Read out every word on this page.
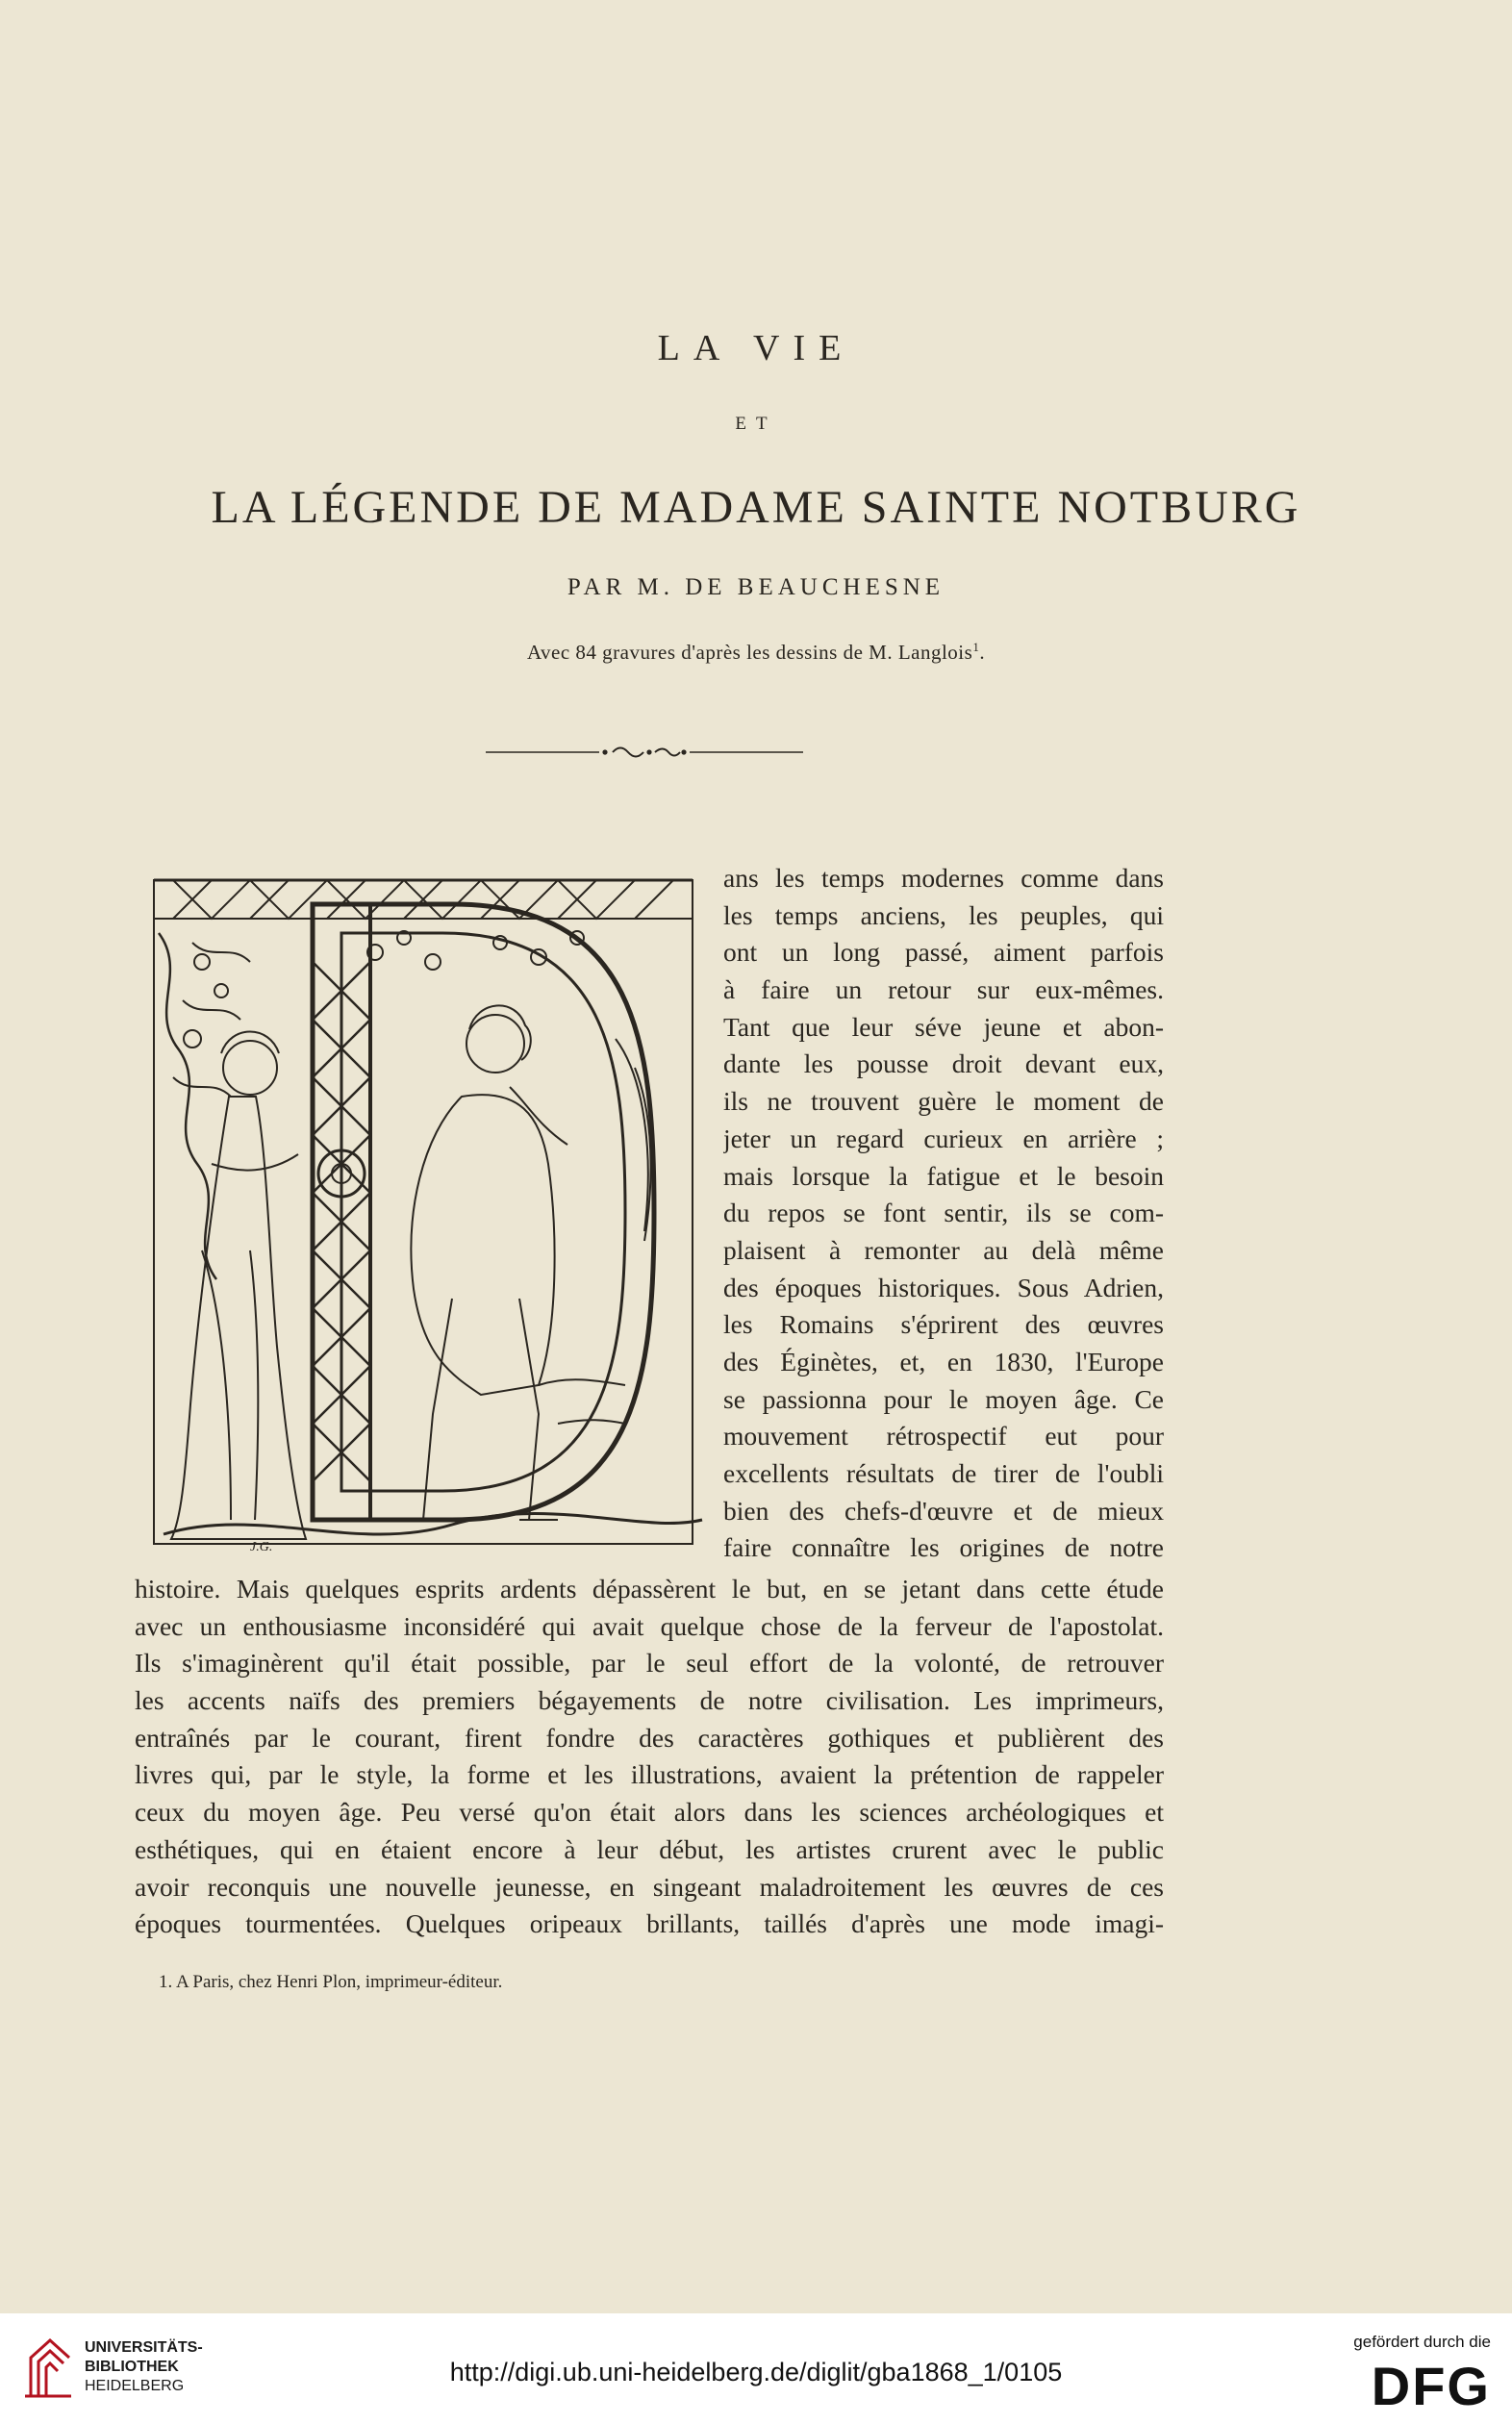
LA VIE
ET
LA LÉGENDE DE MADAME SAINTE NOTBURG
PAR M. DE BEAUCHESNE
Avec 84 gravures d'après les dessins de M. Langlois$^1$.
J.G.
ans les temps modernes comme dans
les temps anciens, les peuples, qui
ont un long passé, aiment parfois
à faire un retour sur eux-mêmes.
Tant que leur séve jeune et abon-
dante les pousse droit devant eux,
ils ne trouvent guère le moment de
jeter un regard curieux en arrière ;
mais lorsque la fatigue et le besoin
du repos se font sentir, ils se com-
plaisent à remonter au delà même
des époques historiques. Sous Adrien,
les Romains s'éprirent des œuvres
des Éginètes, et, en 1830, l'Europe
se passionna pour le moyen âge. Ce
mouvement rétrospectif eut pour
excellents résultats de tirer de l'oubli
bien des chefs-d'œuvre et de mieux
faire connaître les origines de notre
histoire. Mais quelques esprits ardents dépassèrent le but, en se jetant dans cette étude
avec un enthousiasme inconsidéré qui avait quelque chose de la ferveur de l'apostolat.
Ils s'imaginèrent qu'il était possible, par le seul effort de la volonté, de retrouver
les accents naïfs des premiers bégayements de notre civilisation. Les imprimeurs,
entraînés par le courant, firent fondre des caractères gothiques et publièrent des
livres qui, par le style, la forme et les illustrations, avaient la prétention de rappeler
ceux du moyen âge. Peu versé qu'on était alors dans les sciences archéologiques et
esthétiques, qui en étaient encore à leur début, les artistes crurent avec le public
avoir reconquis une nouvelle jeunesse, en singeant maladroitement les œuvres de ces
époques tourmentées. Quelques oripeaux brillants, taillés d'après une mode imagi-
1. A Paris, chez Henri Plon, imprimeur-éditeur.
UNIVERSITÄTS-
BIBLIOTHEK
HEIDELBERG	http://digi.ub.uni-heidelberg.de/diglit/gba1868_1/0105
gefördert durch die
DFG
